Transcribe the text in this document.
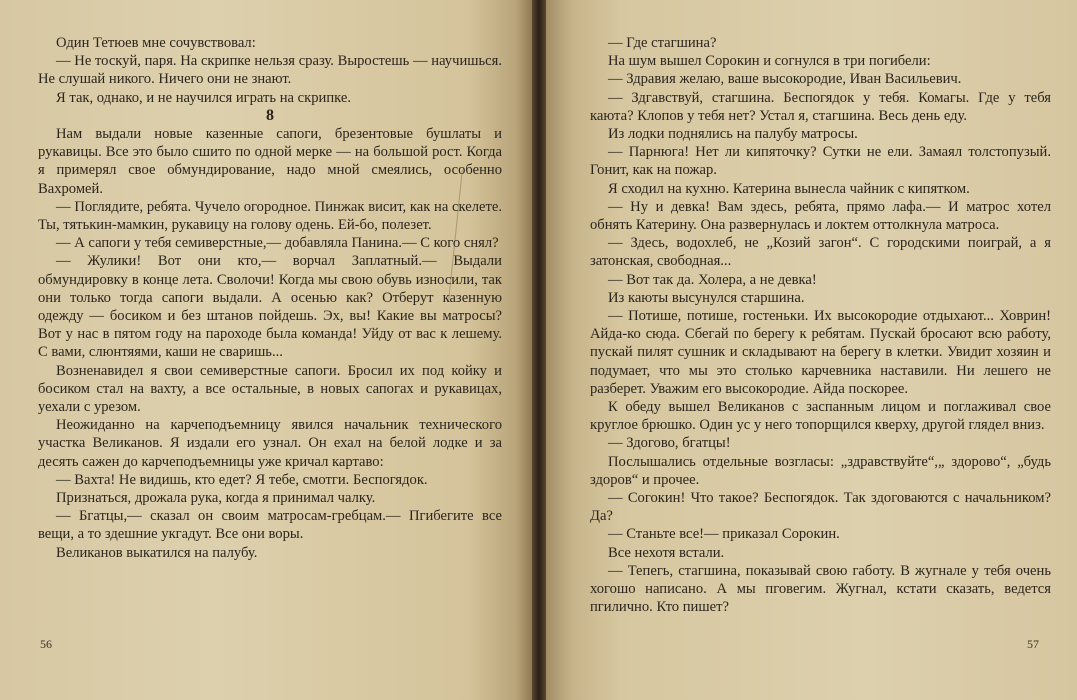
Один Тетюев мне сочувствовал:

— Не тоскуй, паря. На скрипке нельзя сразу. Выростешь — научишься. Не слушай никого. Ничего они не знают.

Я так, однако, и не научился играть на скрипке.

8

Нам выдали новые казенные сапоги, брезентовые бушлаты и рукавицы. Все это было сшито по одной мерке — на большой рост. Когда я примерял свое обмундирование, надо мной смеялись, особенно Вахромей.

— Поглядите, ребята. Чучело огородное. Пинжак висит, как на скелете. Ты, тятькин-мамкин, рукавицу на голову одень. Ей-бо, полезет.

— А сапоги у тебя семиверстные,— добавляла Панина.— С кого снял?

— Жулики! Вот они кто,— ворчал Заплатный.— Выдали обмундировку в конце лета. Сволочи! Когда мы свою обувь износили, так они только тогда сапоги выдали. А осенью как? Отберут казенную одежду — босиком и без штанов пойдешь. Эх, вы! Какие вы матросы? Вот у нас в пятом году на пароходе была команда! Уйду от вас к лешему. С вами, слюнтяями, каши не сваришь...

Возненавидел я свои семиверстные сапоги. Бросил их под койку и босиком стал на вахту, а все остальные, в новых сапогах и рукавицах, уехали с урезом.

Неожиданно на карчеподъемницу явился начальник технического участка Великанов. Я издали его узнал. Он ехал на белой лодке и за десять сажен до карчеподъемницы уже кричал картаво:

— Вахта! Не видишь, кто едет? Я тебе, смотги. Беспогядок.

Признаться, дрожала рука, когда я принимал чалку.

— Бгатцы,— сказал он своим матросам-гребцам.— Пгибегите все вещи, а то здешние укгадут. Все они воры.

Великанов выкатился на палубу.

56

— Где стагшина?

На шум вышел Сорокин и согнулся в три погибели:

— Здравия желаю, ваше высокородие, Иван Васильевич.

— Здгавствуй, стагшина. Беспогядок у тебя. Комагы. Где у тебя каюта? Клопов у тебя нет? Устал я, стагшина. Весь день еду.

Из лодки поднялись на палубу матросы.

— Парнюга! Нет ли кипяточку? Сутки не ели. Замаял толстопузый. Гонит, как на пожар.

Я сходил на кухню. Катерина вынесла чайник с кипятком.

— Ну и девка! Вам здесь, ребята, прямо лафа.— И матрос хотел обнять Катерину. Она развернулась и локтем оттолкнула матроса.

— Здесь, водохлеб, не „Козий загон“. С городскими поиграй, а я затонская, свободная...

— Вот так да. Холера, а не девка!

Из каюты высунулся старшина.

— Потише, потише, гостеньки. Их высокородие отдыхают... Ховрин! Айда-ко сюда. Сбегай по берегу к ребятам. Пускай бросают всю работу, пускай пилят сушник и складывают на берегу в клетки. Увидит хозяин и подумает, что мы это столько карчевника наставили. Ни лешего не разберет. Уважим его высокородие. Айда поскорее.

К обеду вышел Великанов с заспанным лицом и поглаживал свое круглое брюшко. Один ус у него топорщился кверху, другой глядел вниз.

— Здогово, бгатцы!

Послышались отдельные возгласы: „здравствуйте“,„ здорово“, „будь здоров“ и прочее.

— Согокин! Что такое? Беспогядок. Так здоговаются с начальником? Да?

— Станьте все!— приказал Сорокин.

Все нехотя встали.

— Тепегь, стагшина, показывай свою габоту. В жугнале у тебя очень хогошо написано. А мы пговегим. Жугнал, кстати сказать, ведется пгилично. Кто пишет?

57
